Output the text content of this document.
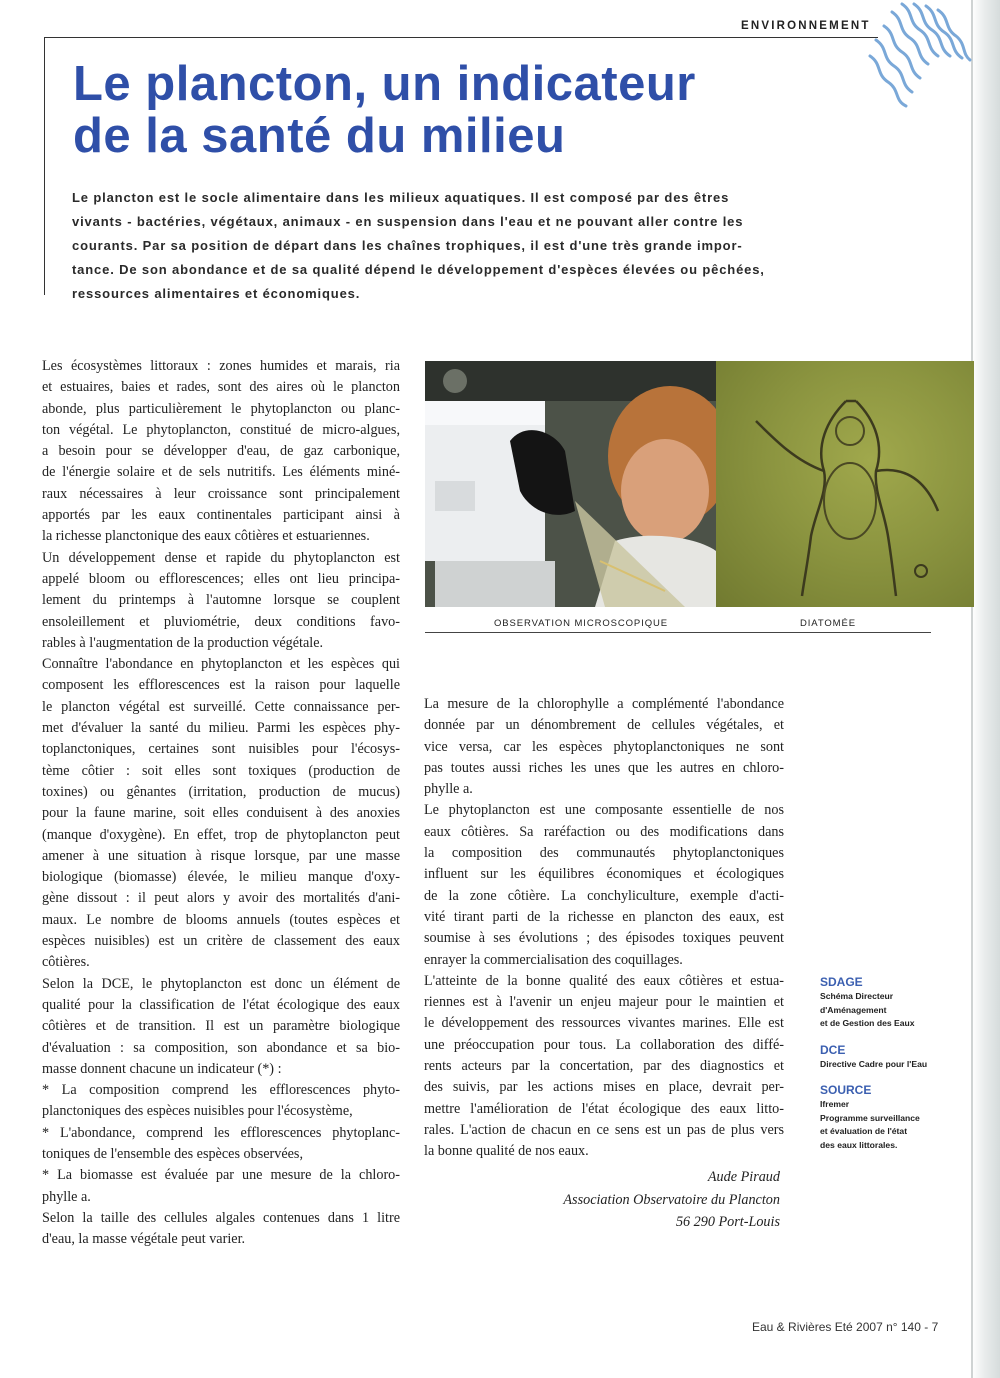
ENVIRONNEMENT
Le plancton, un indicateur
de la santé du milieu
Le plancton est le socle alimentaire dans les milieux aquatiques. Il est composé par des êtres
vivants - bactéries, végétaux, animaux - en suspension dans l'eau et ne pouvant aller contre les
courants. Par sa position de départ dans les chaînes trophiques, il est d'une très grande impor-
tance. De son abondance et de sa qualité dépend le développement d'espèces élevées ou pêchées,
ressources alimentaires et économiques.
Les écosystèmes littoraux : zones humides et marais, ria
et estuaires, baies et rades, sont des aires où le plancton
abonde, plus particulièrement le phytoplancton ou planc-
ton végétal. Le phytoplancton, constitué de micro-algues,
a besoin pour se développer d'eau, de gaz carbonique,
de l'énergie solaire et de sels nutritifs. Les éléments miné-
raux nécessaires à leur croissance sont principalement
apportés par les eaux continentales participant ainsi à
la richesse planctonique des eaux côtières et estuariennes.
Un développement dense et rapide du phytoplancton est
appelé bloom ou efflorescences; elles ont lieu principa-
lement du printemps à l'automne lorsque se couplent
ensoleillement et pluviométrie, deux conditions favo-
rables à l'augmentation de la production végétale.
Connaître l'abondance en phytoplancton et les espèces qui
composent les efflorescences est la raison pour laquelle
le plancton végétal est surveillé. Cette connaissance per-
met d'évaluer la santé du milieu. Parmi les espèces phy-
toplanctoniques, certaines sont nuisibles pour l'écosys-
tème côtier : soit elles sont toxiques (production de
toxines) ou gênantes (irritation, production de mucus)
pour la faune marine, soit elles conduisent à des anoxies
(manque d'oxygène). En effet, trop de phytoplancton peut
amener à une situation à risque lorsque, par une masse
biologique (biomasse) élevée, le milieu manque d'oxy-
gène dissout : il peut alors y avoir des mortalités d'ani-
maux. Le nombre de blooms annuels (toutes espèces et
espèces nuisibles) est un critère de classement des eaux
côtières.
Selon la DCE, le phytoplancton est donc un élément de
qualité pour la classification de l'état écologique des eaux
côtières et de transition. Il est un paramètre biologique
d'évaluation : sa composition, son abondance et sa bio-
masse donnent chacune un indicateur (*) :
* La composition comprend les efflorescences phyto-
planctoniques des espèces nuisibles pour l'écosystème,
* L'abondance, comprend les efflorescences phytoplanc-
toniques de l'ensemble des espèces observées,
* La biomasse est évaluée par une mesure de la chloro-
phylle a.
Selon la taille des cellules algales contenues dans 1 litre
d'eau, la masse végétale peut varier.
OBSERVATION MICROSCOPIQUE	DIATOMÉE
La mesure de la chlorophylle a complémenté l'abondance
donnée par un dénombrement de cellules végétales, et
vice versa, car les espèces phytoplanctoniques ne sont
pas toutes aussi riches les unes que les autres en chloro-
phylle a.
Le phytoplancton est une composante essentielle de nos
eaux côtières. Sa raréfaction ou des modifications dans
la composition des communautés phytoplanctoniques
influent sur les équilibres économiques et écologiques
de la zone côtière. La conchyliculture, exemple d'acti-
vité tirant parti de la richesse en plancton des eaux, est
soumise à ses évolutions ; des épisodes toxiques peuvent
enrayer la commercialisation des coquillages.
L'atteinte de la bonne qualité des eaux côtières et estua-
riennes est à l'avenir un enjeu majeur pour le maintien et
le développement des ressources vivantes marines. Elle est
une préoccupation pour tous. La collaboration des diffé-
rents acteurs par la concertation, par des diagnostics et
des suivis, par les actions mises en place, devrait per-
mettre l'amélioration de l'état écologique des eaux litto-
rales. L'action de chacun en ce sens est un pas de plus vers
la bonne qualité de nos eaux.
Aude Piraud
Association Observatoire du Plancton
56 290 Port-Louis
SDAGE
Schéma Directeur
d'Aménagement
et de Gestion des Eaux
DCE
Directive Cadre pour l'Eau
SOURCE
Ifremer
Programme surveillance
et évaluation de l'état
des eaux littorales.
Eau & Rivières Eté 2007 n° 140 - 7
